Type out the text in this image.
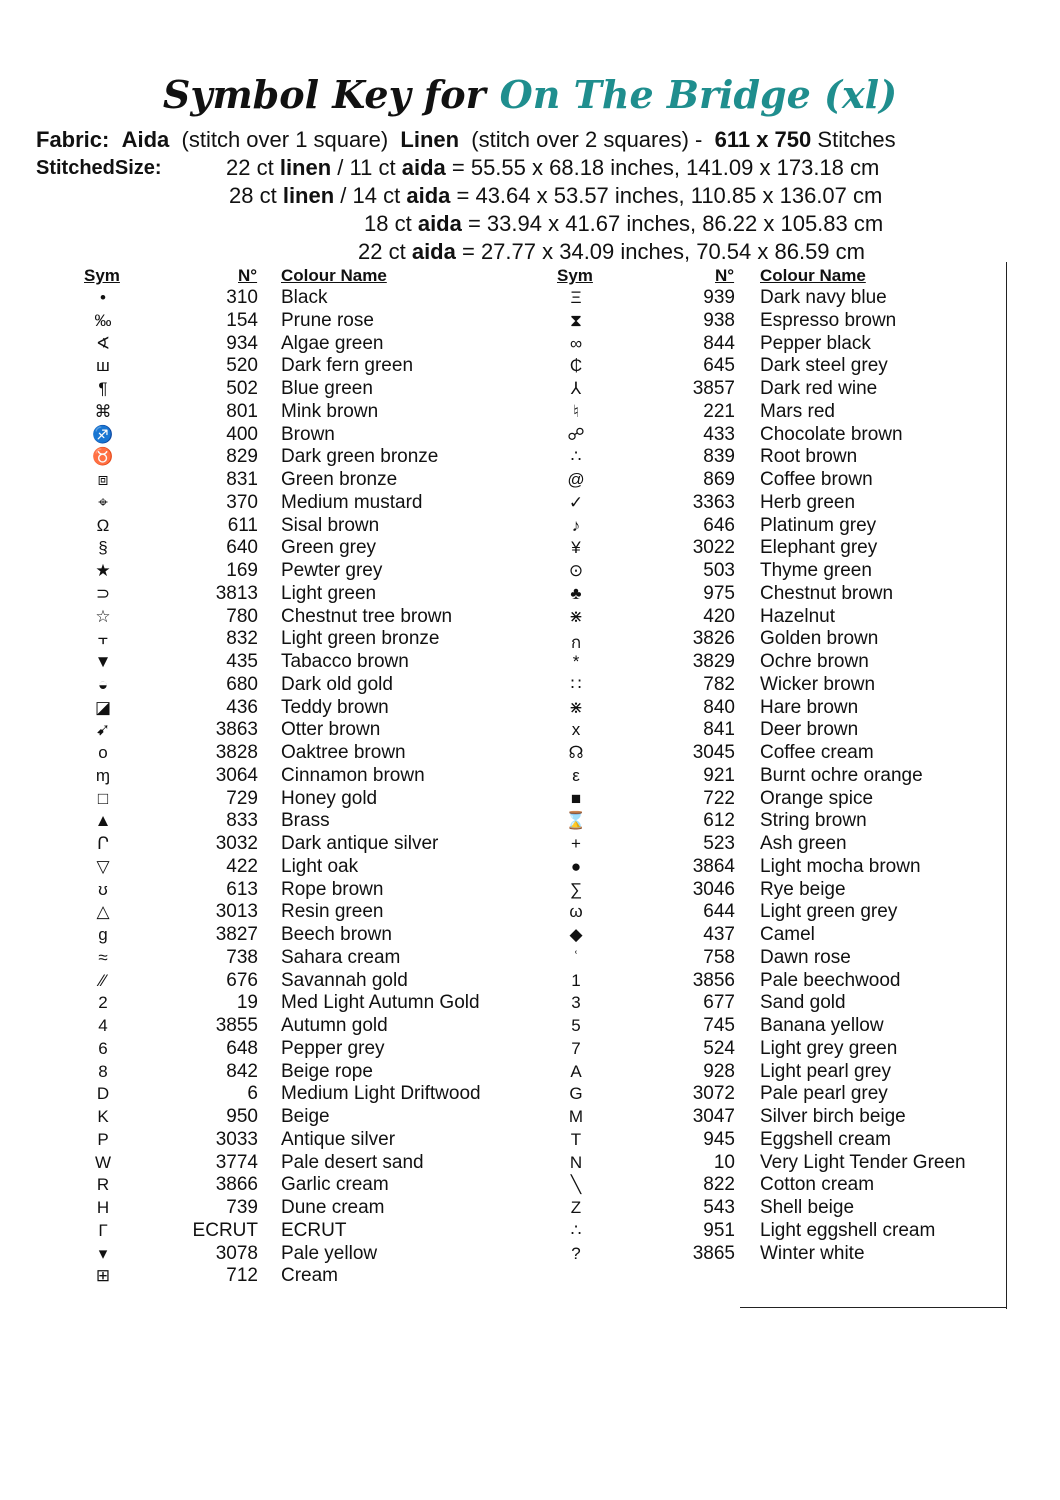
Symbol Key for On The Bridge (xl)
Fabric: Aida (stitch over 1 square) Linen (stitch over 2 squares) - 611 x 750 Stitches
StitchedSize:	22 ct linen / 11 ct aida = 55.55 x 68.18 inches, 141.09 x 173.18 cm
28 ct linen / 14 ct aida = 43.64 x 53.57 inches, 110.85 x 136.07 cm
18 ct aida = 33.94 x 41.67 inches, 86.22 x 105.83 cm
22 ct aida = 27.77 x 34.09 inches, 70.54 x 86.59 cm
Sym	N° Colour Name	Sym	N° Colour Name
•	310 Black
‰	154 Prune rose
∢	934 Algae green
ш	520 Dark fern green
¶	502 Blue green
⌘	801 Mink brown
♐	400 Brown
♉	829 Dark green bronze
⧈	831 Green bronze
⌖	370 Medium mustard
Ω	611 Sisal brown
§	640 Green grey
★	169 Pewter grey
⊃	3813 Light green
☆	780 Chestnut tree brown
⫟	832 Light green bronze
▼	435 Tabacco brown
◒	680 Dark old gold
◪	436 Teddy brown
➹	3863 Otter brown
o	3828 Oaktree brown
ɱ	3064 Cinnamon brown
□	729 Honey gold
▲	833 Brass
Ր	3032 Dark antique silver
▽	422 Light oak
ʊ	613 Rope brown
△	3013 Resin green
g	3827 Beech brown
≈	738 Sahara cream
⁄⁄	676 Savannah gold
2	19 Med Light Autumn Gold
4	3855 Autumn gold
6	648 Pepper grey
8	842 Beige rope
D	6 Medium Light Driftwood
K	950 Beige
P	3033 Antique silver
W	3774 Pale desert sand
R	3866 Garlic cream
H	739 Dune cream
Γ	ECRUT ECRUT
▾	3078 Pale yellow
⊞	712 Cream
Ξ	939 Dark navy blue
⧗	938 Espresso brown
∞	844 Pepper black
₵	645 Dark steel grey
⅄	3857 Dark red wine
♮	221 Mars red
☍	433 Chocolate brown
∴	839 Root brown
@	869 Coffee brown
✓	3363 Herb green
♪	646 Platinum grey
¥	3022 Elephant grey
⊙	503 Thyme green
♣	975 Chestnut brown
⋇	420 Hazelnut
ก	3826 Golden brown
*	3829 Ochre brown
∷	782 Wicker brown
⋇	840 Hare brown
x	841 Deer brown
☊	3045 Coffee cream
ε	921 Burnt ochre orange
■	722 Orange spice
⌛	612 String brown
+	523 Ash green
●	3864 Light mocha brown
∑	3046 Rye beige
ω	644 Light green grey
◆	437 Camel
ʿ	758 Dawn rose
1	3856 Pale beechwood
3	677 Sand gold
5	745 Banana yellow
7	524 Light grey green
A	928 Light pearl grey
G	3072 Pale pearl grey
M	3047 Silver birch beige
T	945 Eggshell cream
N	10 Very Light Tender Green
╲	822 Cotton cream
Z	543 Shell beige
∴	951 Light eggshell cream
?	3865 Winter white
